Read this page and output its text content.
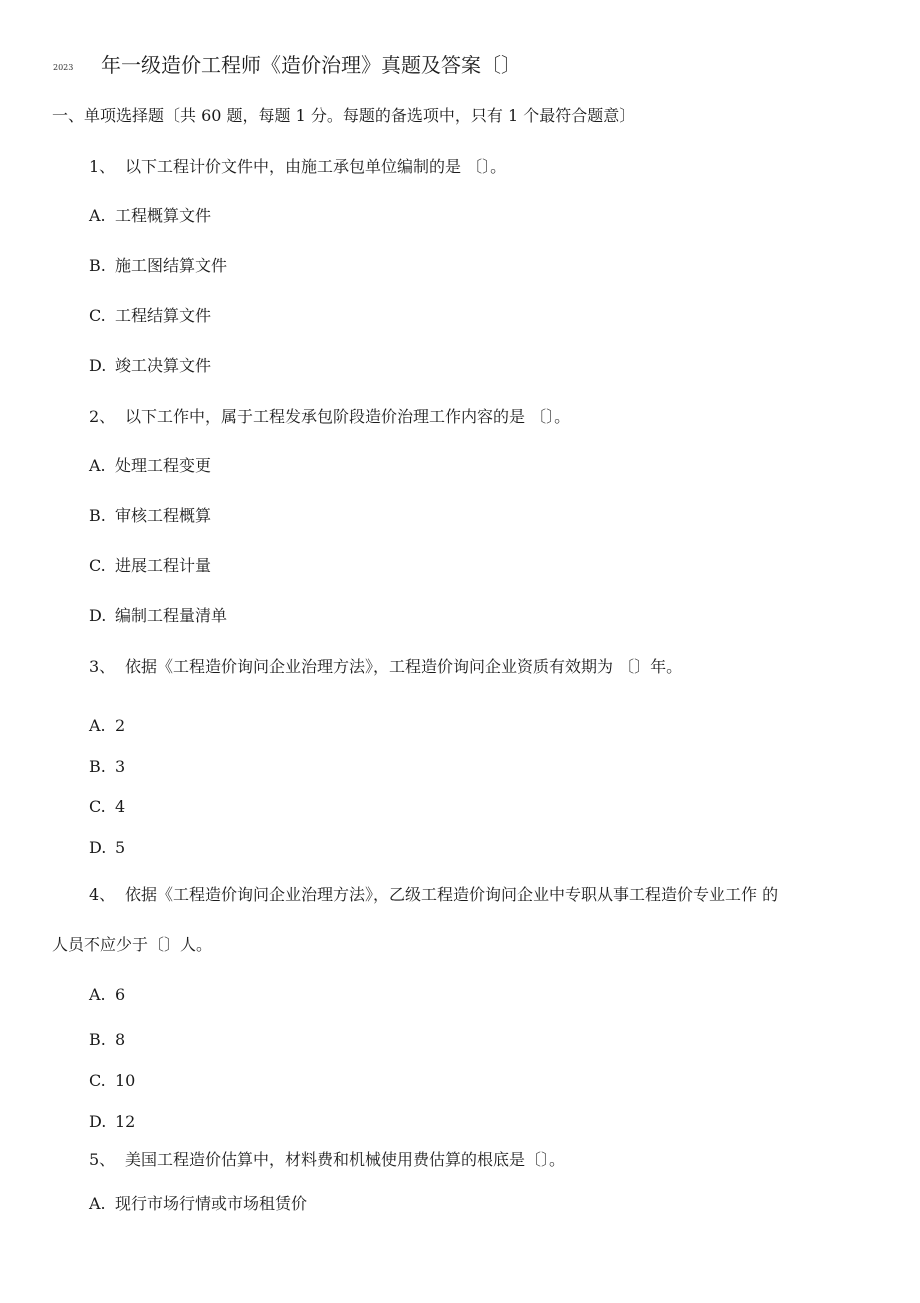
2023 年一级造价工程师《造价治理》真题及答案〔〕
一、单项选择题〔共 60 题，每题 1 分。每题的备选项中，只有 1 个最符合题意〕
1、 以下工程计价文件中，由施工承包单位编制的是 〔〕。
A. 工程概算文件
B. 施工图结算文件
C. 工程结算文件
D. 竣工决算文件
2、 以下工作中，属于工程发承包阶段造价治理工作内容的是 〔〕。
A. 处理工程变更
B. 审核工程概算
C. 进展工程计量
D. 编制工程量清单
3、 依据《工程造价询问企业治理方法》，工程造价询问企业资质有效期为 〔〕年。
A. 2
B. 3
C. 4
D. 5
4、 依据《工程造价询问企业治理方法》，乙级工程造价询问企业中专职从事工程造价专业工作 的
人员不应少于〔〕人。
A. 6
B. 8
C. 10
D. 12
5、 美国工程造价估算中，材料费和机械使用费估算的根底是〔〕。
A. 现行市场行情或市场租赁价
